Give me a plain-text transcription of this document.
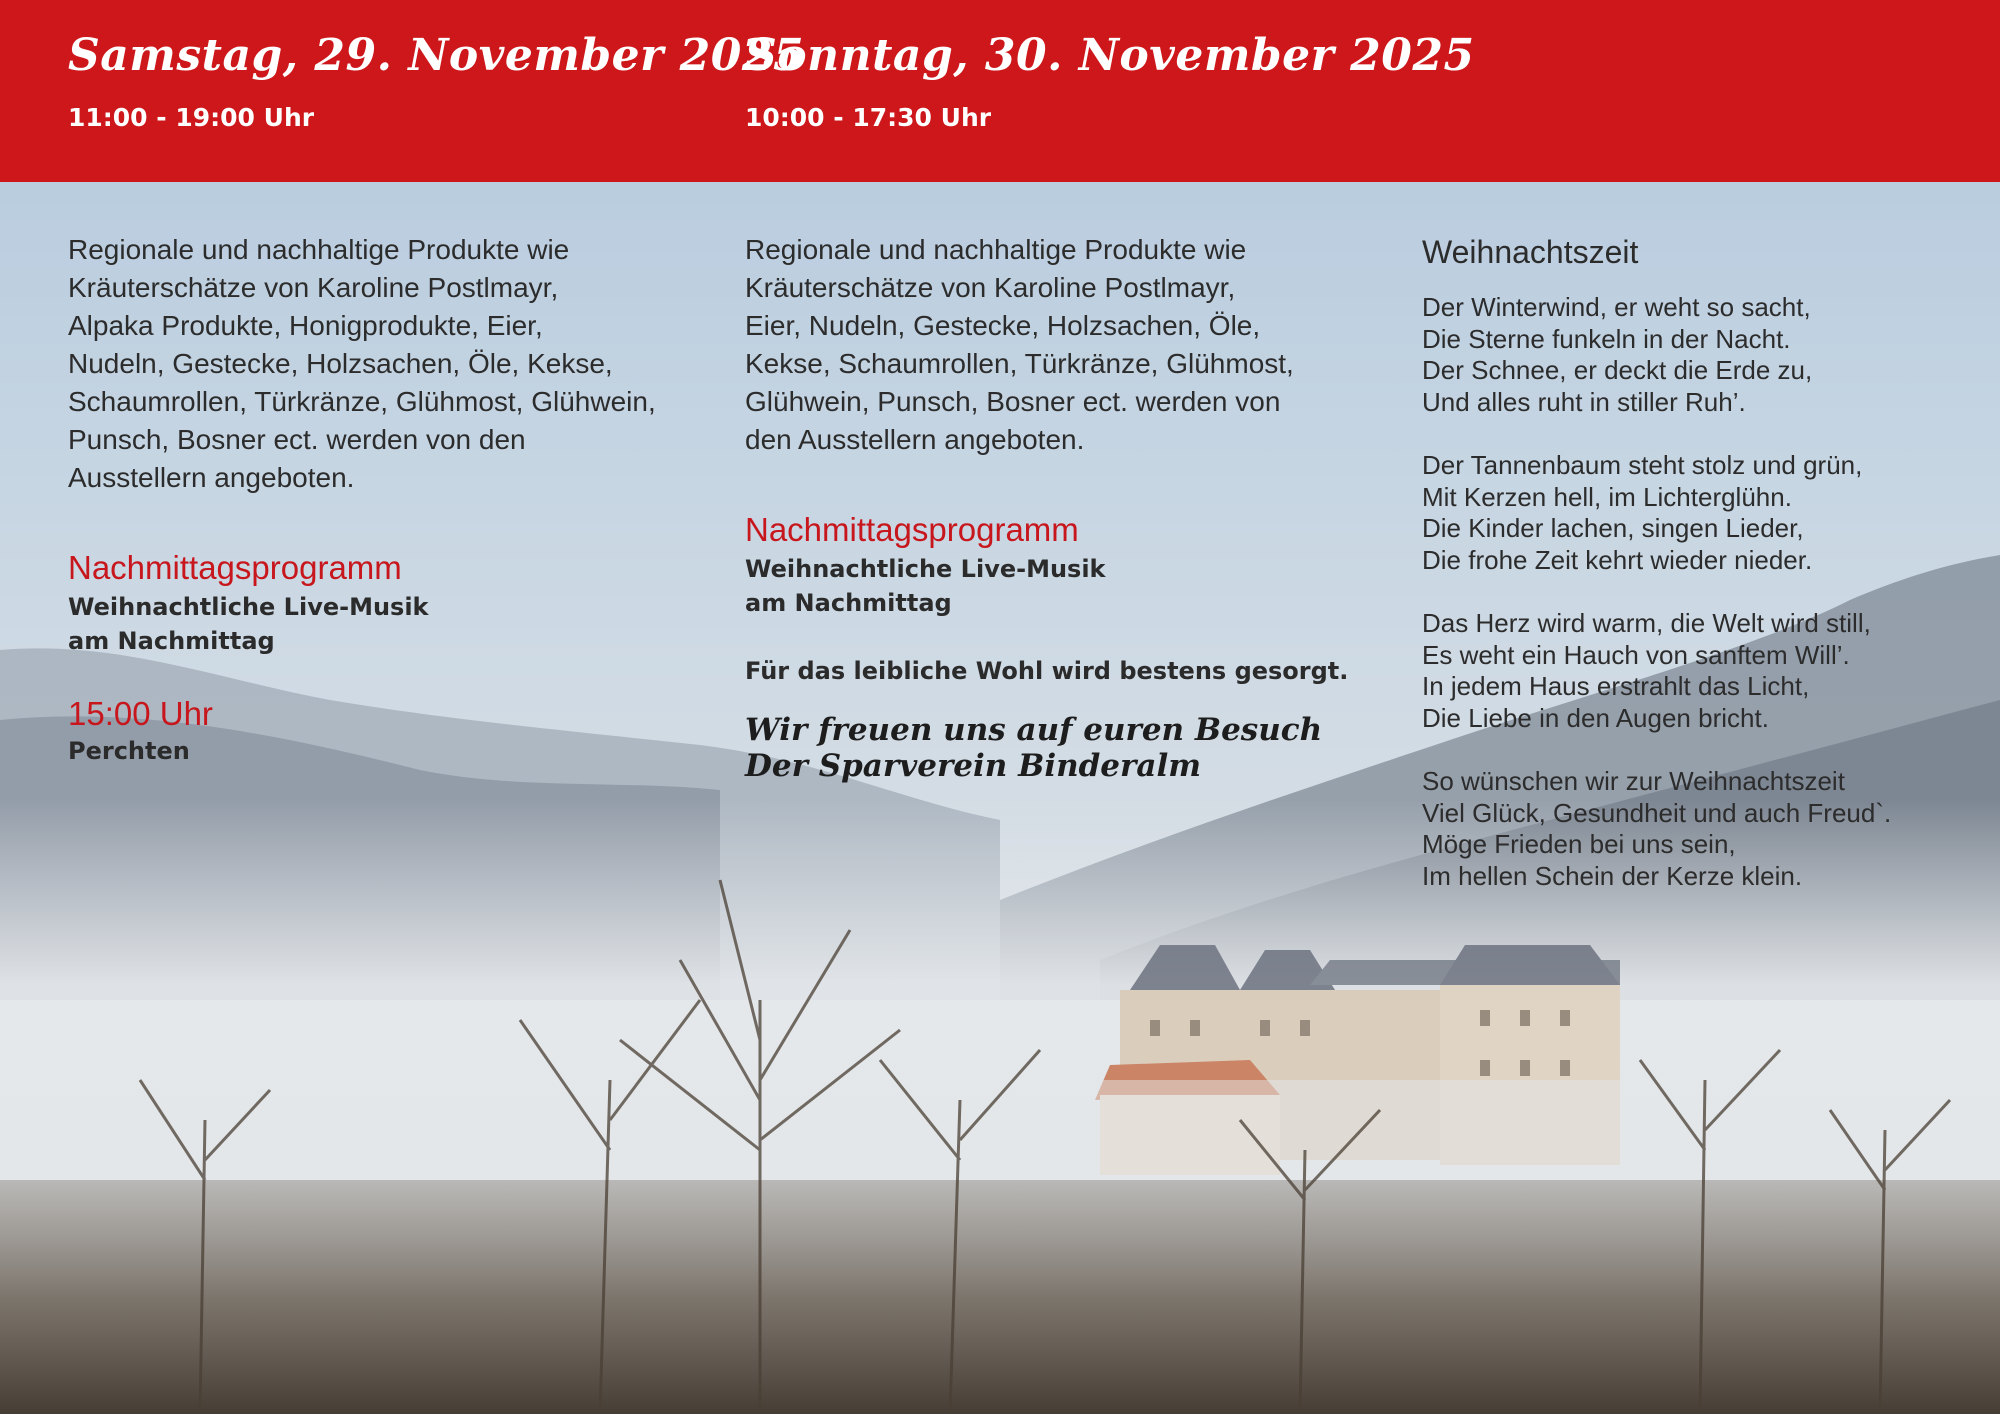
Samstag, 29. November 2025
11:00 - 19:00 Uhr
Sonntag, 30. November 2025
10:00 - 17:30 Uhr

Regionale und nachhaltige Produkte wie
Kräuterschätze von Karoline Postlmayr,
Alpaka Produkte, Honigprodukte, Eier,
Nudeln, Gestecke, Holzsachen, Öle, Kekse,
Schaumrollen, Türkränze, Glühmost, Glühwein,
Punsch, Bosner ect. werden von den
Ausstellern angeboten.

Nachmittagsprogramm

Weihnachtliche Live-Musik
am Nachmittag

15:00 Uhr

Perchten

Regionale und nachhaltige Produkte wie
Kräuterschätze von Karoline Postlmayr,
Eier, Nudeln, Gestecke, Holzsachen, Öle,
Kekse, Schaumrollen, Türkränze, Glühmost,
Glühwein, Punsch, Bosner ect. werden von
den Ausstellern angeboten.

Nachmittagsprogramm

Weihnachtliche Live-Musik
am Nachmittag

Für das leibliche Wohl wird bestens gesorgt.

Wir freuen uns auf euren Besuch
Der Sparverein Binderalm

Weihnachtszeit

Der Winterwind, er weht so sacht,
Die Sterne funkeln in der Nacht.
Der Schnee, er deckt die Erde zu,
Und alles ruht in stiller Ruh’.

Der Tannenbaum steht stolz und grün,
Mit Kerzen hell, im Lichterglühn.
Die Kinder lachen, singen Lieder,
Die frohe Zeit kehrt wieder nieder.

Das Herz wird warm, die Welt wird still,
Es weht ein Hauch von sanftem Will’.
In jedem Haus erstrahlt das Licht,
Die Liebe in den Augen bricht.

So wünschen wir zur Weihnachtszeit
Viel Glück, Gesundheit und auch Freud`.
Möge Frieden bei uns sein,
Im hellen Schein der Kerze klein.
